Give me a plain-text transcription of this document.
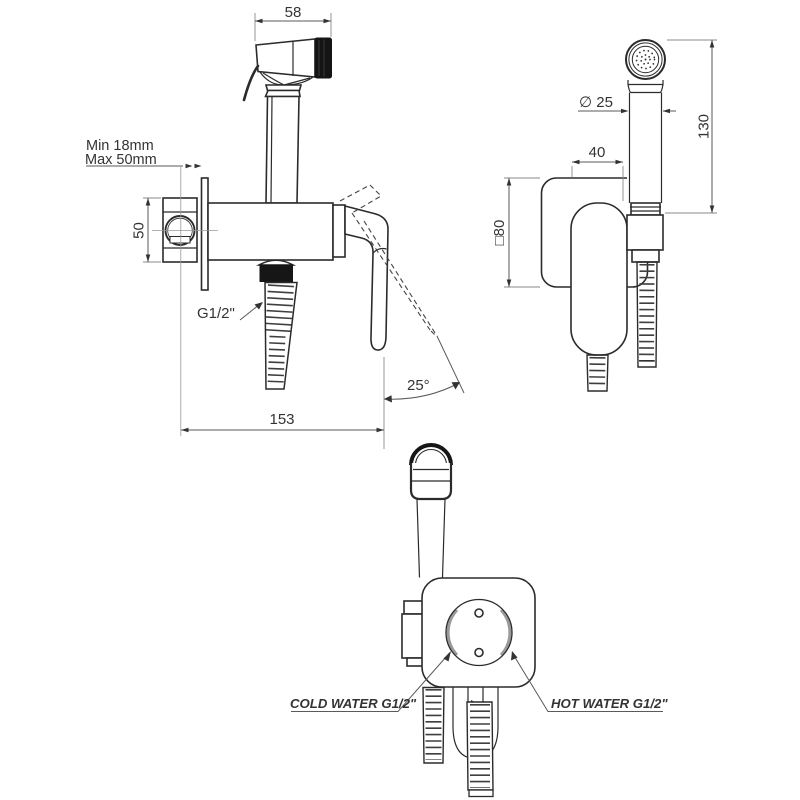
58
50
Min 18mm
Max 50mm
G1/2"
153
25°
∅ 25
130
40
□80
COLD WATER G1/2"	HOT WATER G1/2"
